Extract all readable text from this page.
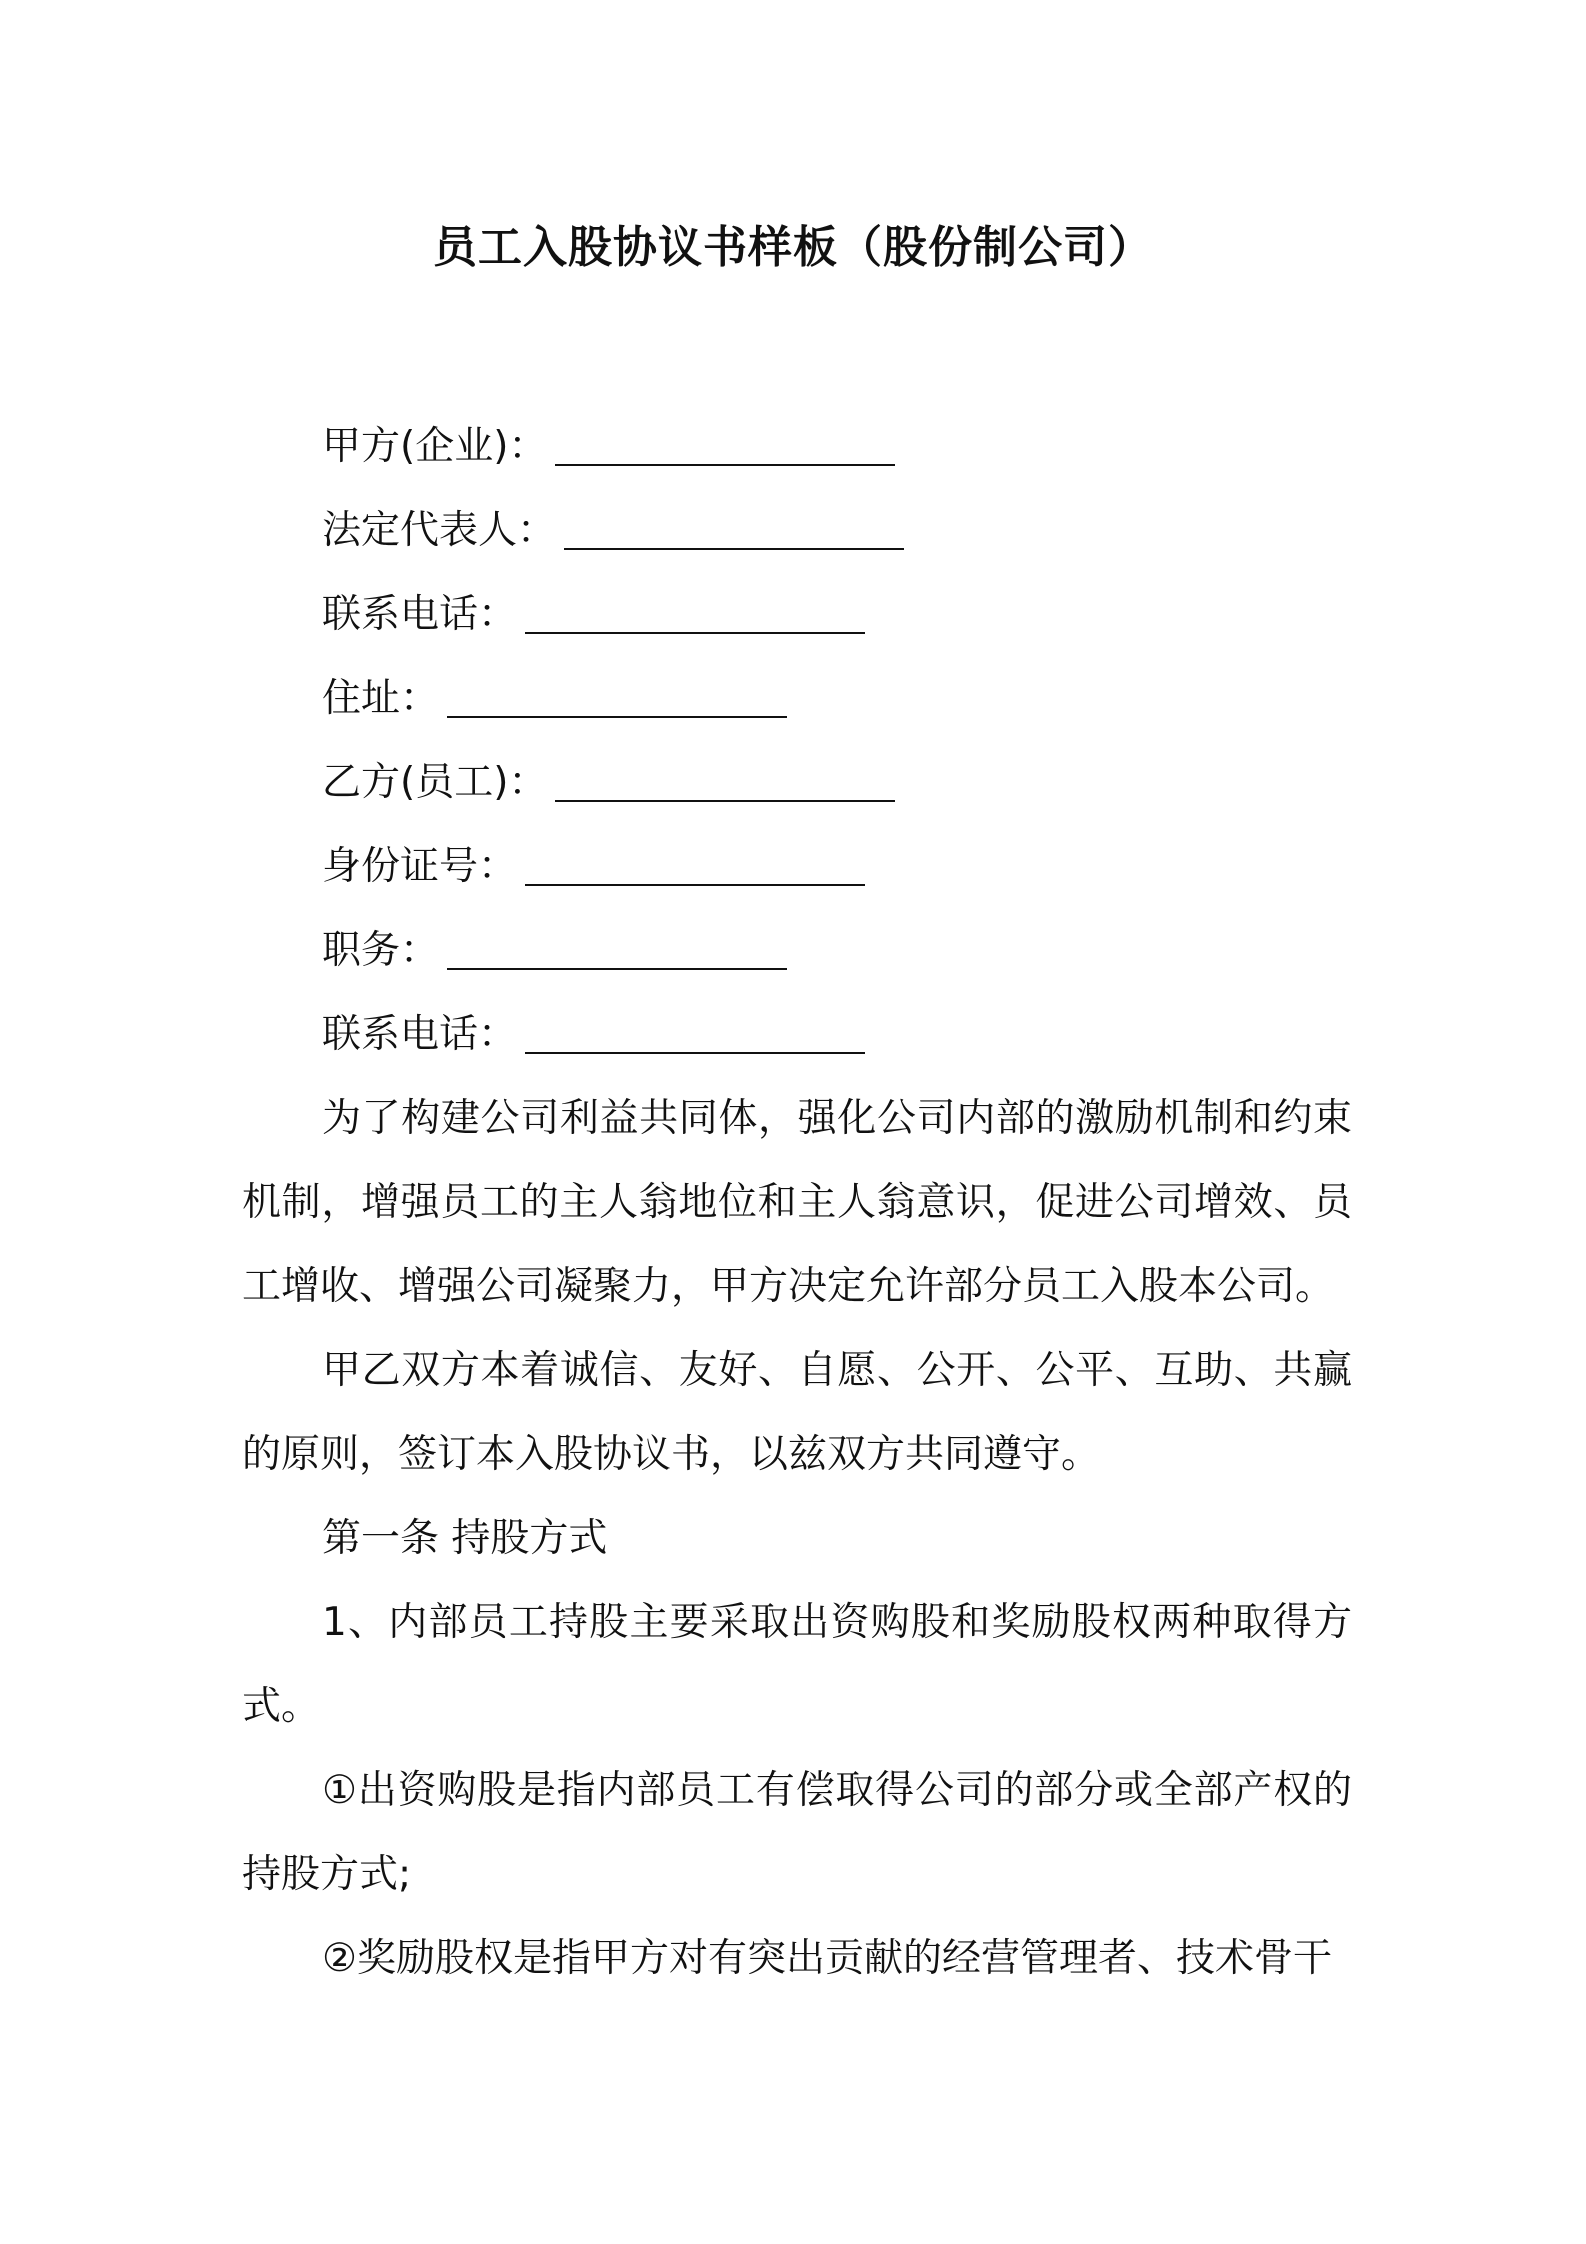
员工入股协议书样板（股份制公司）
甲方(企业)：
法定代表人：
联系电话：
住址：
乙方(员工)：
身份证号：
职务：
联系电话：

为了构建公司利益共同体，强化公司内部的激励机制和约束机制，增强员工的主人翁地位和主人翁意识，促进公司增效、员工增收、增强公司凝聚力，甲方决定允许部分员工入股本公司。

甲乙双方本着诚信、友好、自愿、公开、公平、互助、共赢的原则，签订本入股协议书，以兹双方共同遵守。

第一条 持股方式

1、内部员工持股主要采取出资购股和奖励股权两种取得方式。

①出资购股是指内部员工有偿取得公司的部分或全部产权的持股方式;

②奖励股权是指甲方对有突出贡献的经营管理者、技术骨干
